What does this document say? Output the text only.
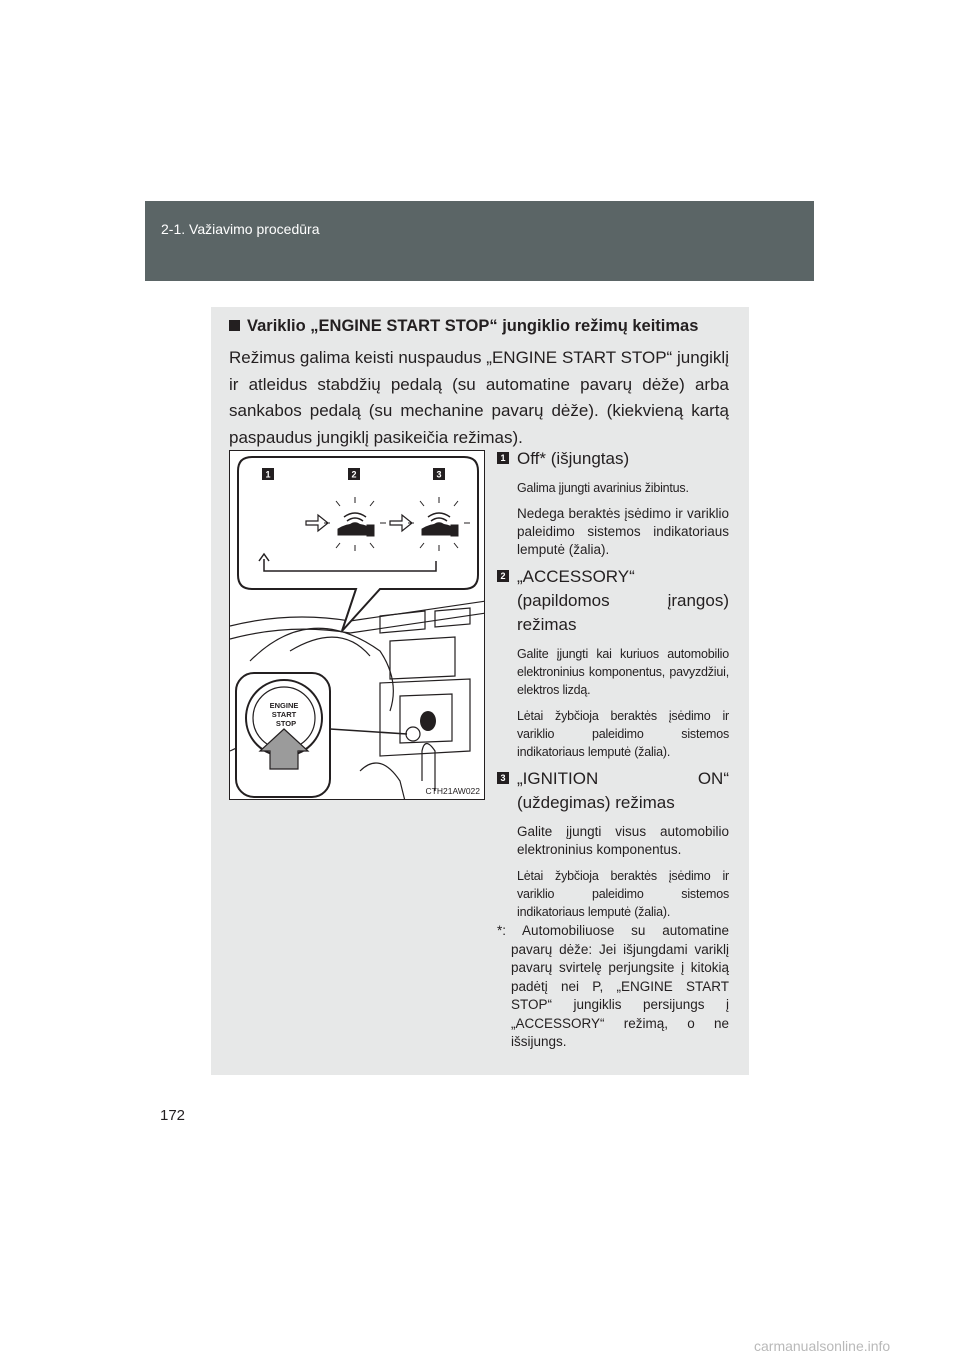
2-1. Važiavimo procedūra
Variklio „ENGINE START STOP“ jungiklio režimų keitimas
Režimus galima keisti nuspaudus „ENGINE START STOP“ jungiklį ir atleidus stabdžių pedalą (su automatine pavarų dėže) arba sankabos pedalą (su mechanine pavarų dėže). (kiekvieną kartą paspaudus jungiklį pasikeičia režimas).
1	2	3
ENGINE
START
STOP
CTH21AW022
1 Off* (išjungtas)
Galima įjungti avarinius žibintus.
Nedega beraktės įsėdimo ir variklio paleidimo sistemos indikatoriaus lemputė (žalia).
2 „ACCESSORY“ (papildomos įrangos) režimas
Galite įjungti kai kuriuos automobilio elektroninius komponentus, pavyzdžiui, elektros lizdą.
Lėtai žybčioja beraktės įsėdimo ir variklio paleidimo sistemos indikatoriaus lemputė (žalia).
3 „IGNITION ON“ (uždegimas) režimas
Galite įjungti visus automobilio elektroninius komponentus.
Lėtai žybčioja beraktės įsėdimo ir variklio paleidimo sistemos indikatoriaus lemputė (žalia).
*: Automobiliuose su automatine pavarų dėže: Jei išjungdami variklį pavarų svirtelę perjungsite į kitokią padėtį nei P, „ENGINE START STOP“ jungiklis persijungs į „ACCESSORY“ režimą, o ne išsijungs.
172
carmanualsonline.info
